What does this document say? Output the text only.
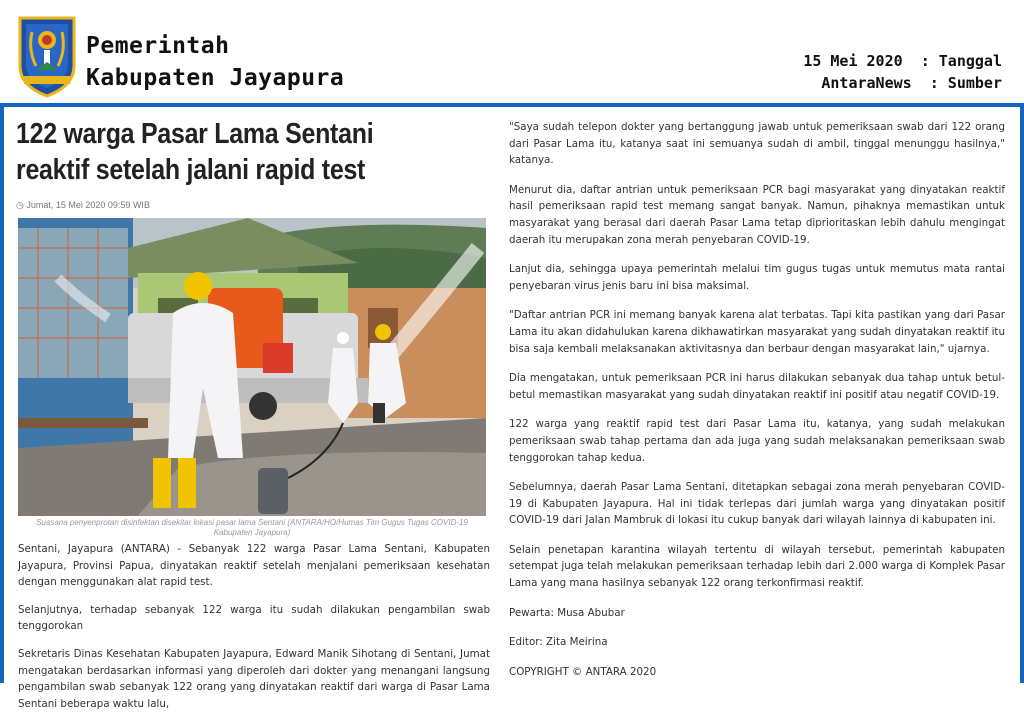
Pemerintah
Kabupaten Jayapura
15 Mei 2020 : Tanggal
AntaraNews : Sumber
122 warga Pasar Lama Sentani reaktif setelah jalani rapid test
◷ Jumat, 15 Mei 2020 09:59 WIB
Suasana penyenprotan disinfektan disekitar lokasi pasar lama Sentani (ANTARA/HO/Humas Tim Gugus Tugas COVID-19 Kabupaten Jayapura)

Sentani, Jayapura (ANTARA) - Sebanyak 122 warga Pasar Lama Sentani, Kabupaten Jayapura, Provinsi Papua, dinyatakan reaktif setelah menjalani pemeriksaan kesehatan dengan menggunakan alat rapid test.

Selanjutnya, terhadap sebanyak 122 warga itu sudah dilakukan pengambilan swab tenggorokan

Sekretaris Dinas Kesehatan Kabupaten Jayapura, Edward Manik Sihotang di Sentani, Jumat mengatakan berdasarkan informasi yang diperoleh dari dokter yang menangani langsung pengambilan swab sebanyak 122 orang yang dinyatakan reaktif dari warga di Pasar Lama Sentani beberapa waktu lalu,

"Saya sudah telepon dokter yang bertanggung jawab untuk pemeriksaan swab dari 122 orang dari Pasar Lama itu, katanya saat ini semuanya sudah di ambil, tinggal menunggu hasilnya," katanya.

Menurut dia, daftar antrian untuk pemeriksaan PCR bagi masyarakat yang dinyatakan reaktif hasil pemeriksaan rapid test memang sangat banyak. Namun, pihaknya memastikan untuk masyarakat yang berasal dari daerah Pasar Lama tetap diprioritaskan lebih dahulu mengingat daerah itu merupakan zona merah penyebaran COVID-19.

Lanjut dia, sehingga upaya pemerintah melalui tim gugus tugas untuk memutus mata rantai penyebaran virus jenis baru ini bisa maksimal.

"Daftar antrian PCR ini memang banyak karena alat terbatas. Tapi kita pastikan yang dari Pasar Lama itu akan didahulukan karena dikhawatirkan masyarakat yang sudah dinyatakan reaktif itu bisa saja kembali melaksanakan aktivitasnya dan berbaur dengan masyarakat lain," ujarnya.

Dia mengatakan, untuk pemeriksaan PCR ini harus dilakukan sebanyak dua tahap untuk betul-betul memastikan masyarakat yang sudah dinyatakan reaktif ini positif atau negatif COVID-19.

122 warga yang reaktif rapid test dari Pasar Lama itu, katanya, yang sudah melakukan pemeriksaan swab tahap pertama dan ada juga yang sudah melaksanakan pemeriksaan swab tenggorokan tahap kedua.

Sebelumnya, daerah Pasar Lama Sentani, ditetapkan sebagai zona merah penyebaran COVID- 19 di Kabupaten Jayapura. Hal ini tidak terlepas dari jumlah warga yang dinyatakan positif COVID-19 dari Jalan Mambruk di lokasi itu cukup banyak dari wilayah lainnya di kabupaten ini.

Selain penetapan karantina wilayah tertentu di wilayah tersebut, pemerintah kabupaten setempat juga telah melakukan pemeriksaan terhadap lebih dari 2.000 warga di Komplek Pasar Lama yang mana hasilnya sebanyak 122 orang terkonfirmasi reaktif.

Pewarta: Musa Abubar

Editor: Zita Meirina

COPYRIGHT © ANTARA 2020
